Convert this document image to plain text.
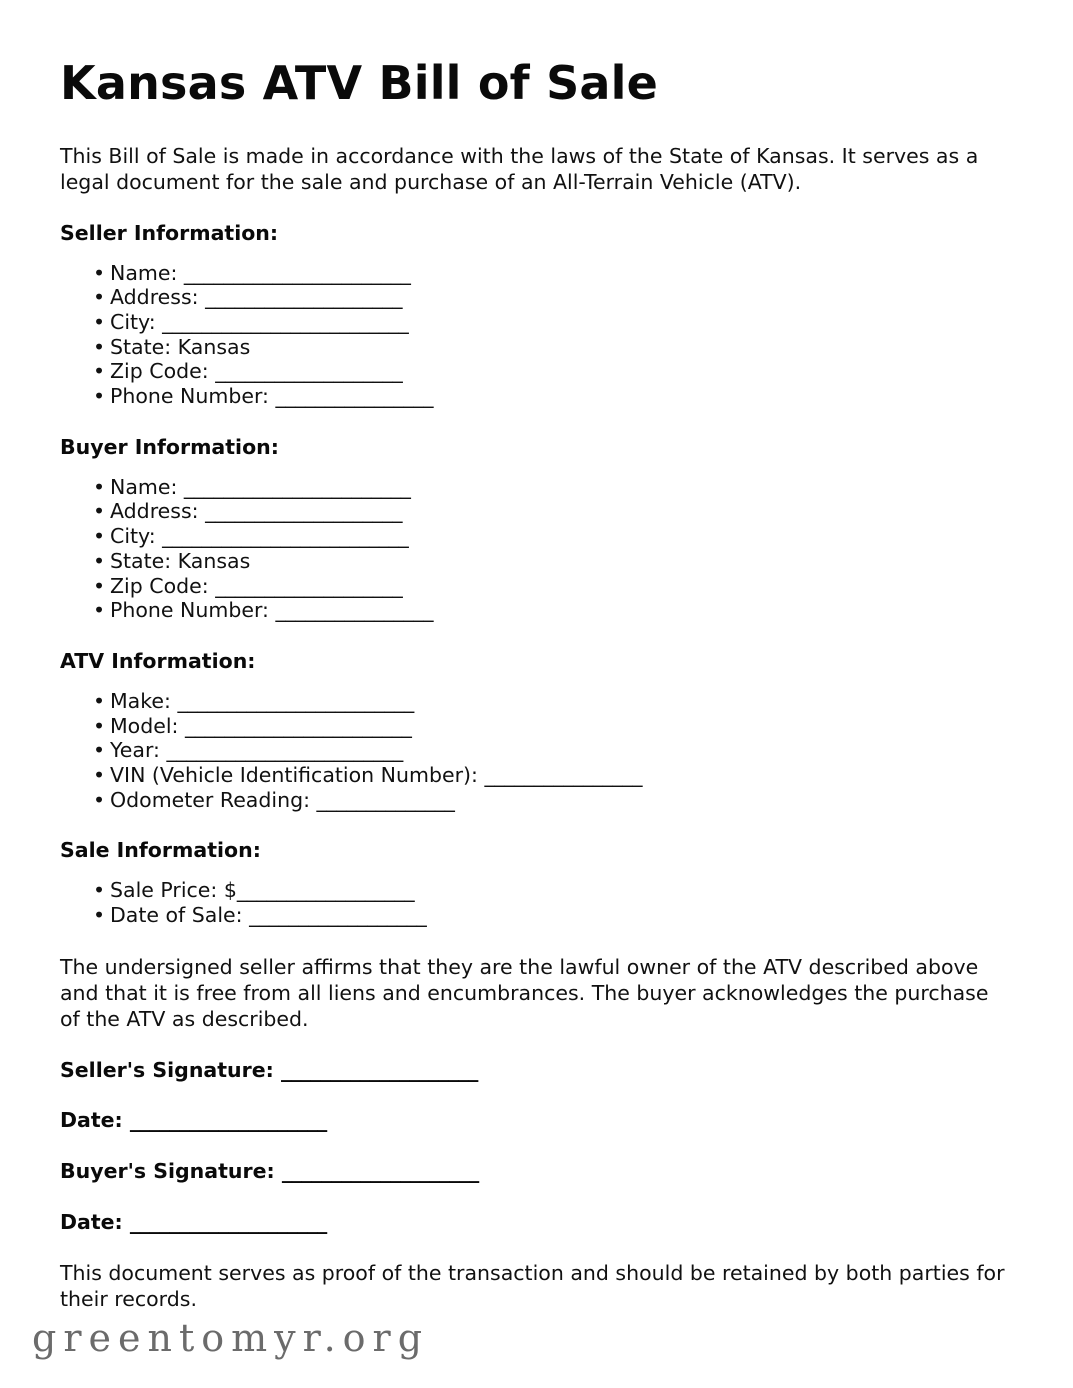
Kansas ATV Bill of Sale

This Bill of Sale is made in accordance with the laws of the State of Kansas. It serves as a legal document for the sale and purchase of an All-Terrain Vehicle (ATV).

Seller Information:
• Name: _______________________
• Address: ____________________
• City: _________________________
• State: Kansas
• Zip Code: ___________________
• Phone Number: ________________
Buyer Information:
• Name: _______________________
• Address: ____________________
• City: _________________________
• State: Kansas
• Zip Code: ___________________
• Phone Number: ________________
ATV Information:
• Make: ________________________
• Model: _______________________
• Year: ________________________
• VIN (Vehicle Identification Number): ________________
• Odometer Reading: ______________
Sale Information:
• Sale Price: $__________________
• Date of Sale: __________________

The undersigned seller affirms that they are the lawful owner of the ATV described above and that it is free from all liens and encumbrances. The buyer acknowledges the purchase of the ATV as described.

Seller's Signature: ____________________

Date: ____________________

Buyer's Signature: ____________________

Date: ____________________

This document serves as proof of the transaction and should be retained by both parties for their records.

greentomyr.org
